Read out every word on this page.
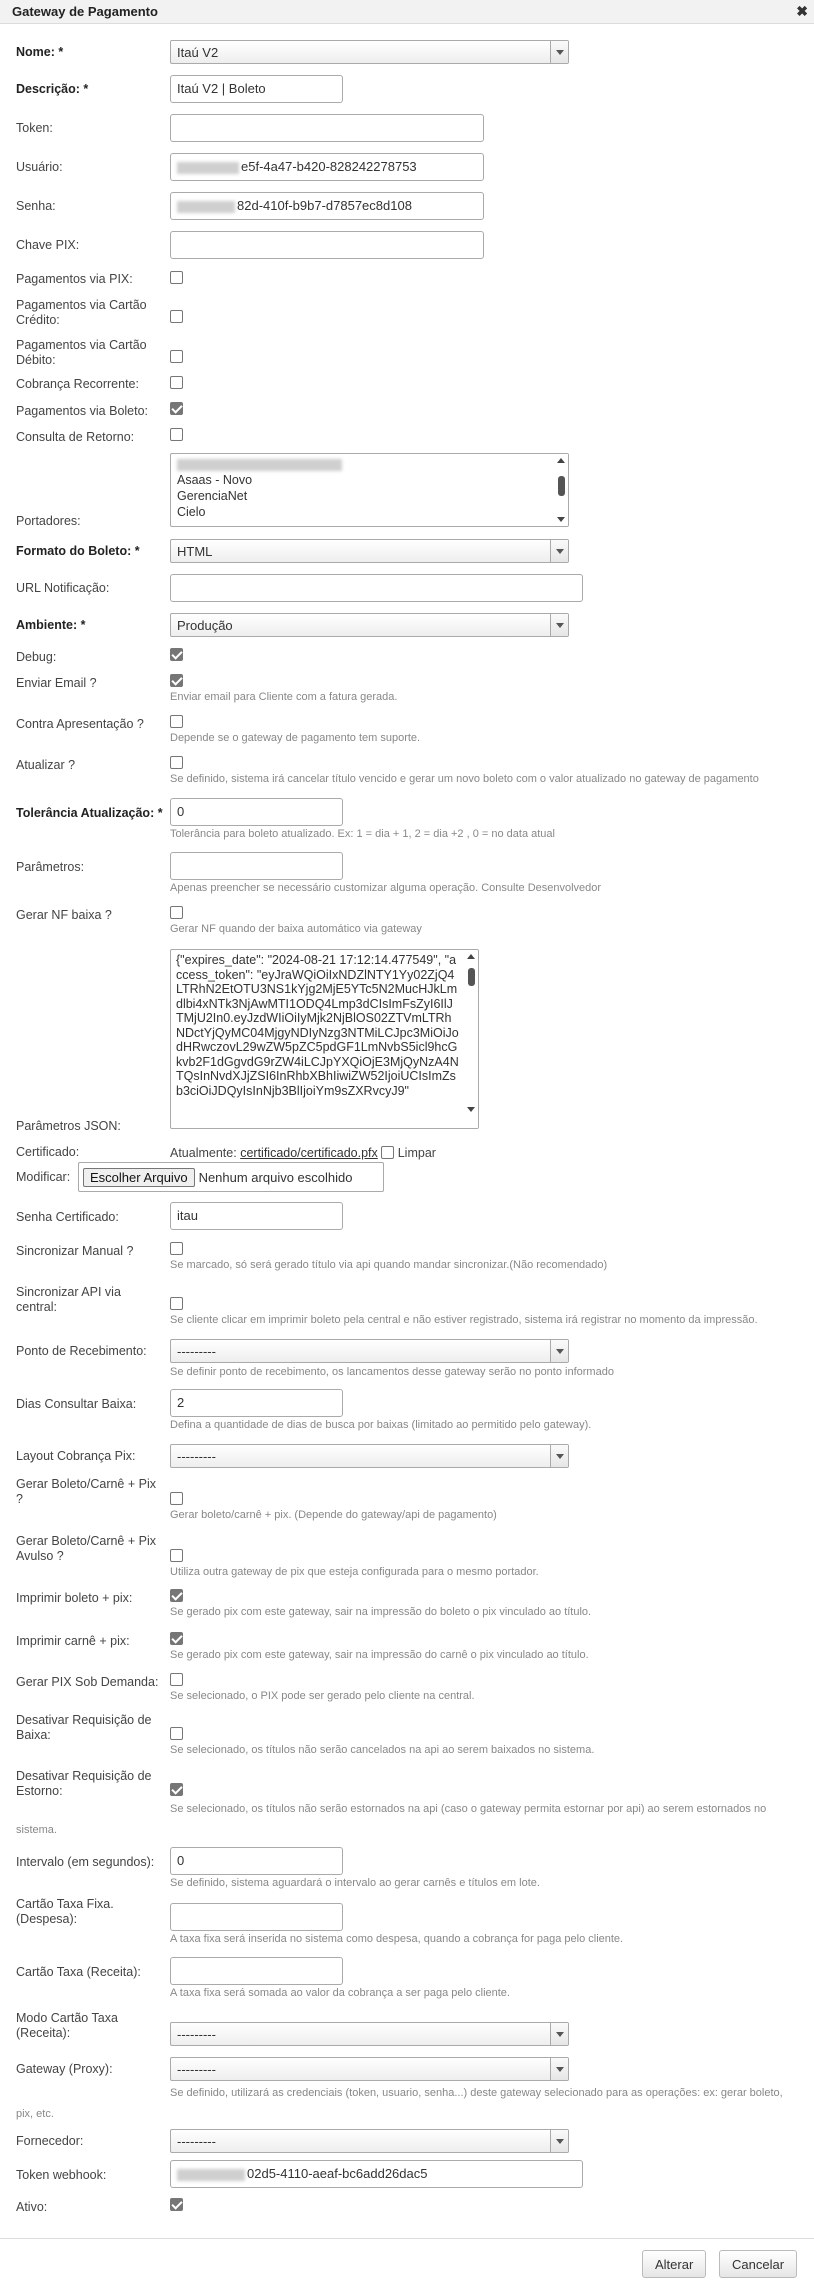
Gateway de Pagamento	✖
Nome: *	Itaú V2
Descrição: *	Itaú V2 | Boleto
Token:
Usuário:	e5f-4a47-b420-828242278753
Senha:	82d-410f-b9b7-d7857ec8d108
Chave PIX:
Pagamentos via PIX:
Pagamentos via Cartão Crédito:
Pagamentos via Cartão Débito:
Cobrança Recorrente:
Pagamentos via Boleto:
Consulta de Retorno:
Portadores:
Asaas - Novo
GerenciaNet
Cielo
Formato do Boleto: *	HTML
URL Notificação:
Ambiente: *	Produção
Debug:
Enviar Email ?
Enviar email para Cliente com a fatura gerada.
Contra Apresentação ?
Depende se o gateway de pagamento tem suporte.
Atualizar ?
Se definido, sistema irá cancelar título vencido e gerar um novo boleto com o valor atualizado no gateway de pagamento
Tolerância Atualização: *	0
Tolerância para boleto atualizado. Ex: 1 = dia + 1, 2 = dia +2 , 0 = no data atual
Parâmetros:
Apenas preencher se necessário customizar alguma operação. Consulte Desenvolvedor
Gerar NF baixa ?
Gerar NF quando der baixa automático via gateway
Parâmetros JSON:
{"expires_date": "2024-08-21 17:12:14.477549", "access_token": "eyJraWQiOiIxNDZlNTY1Yy02ZjQ4LTRhN2EtOTU3NS1kYjg2MjE5YTc5N2MucHJkLmdlbi4xNTk3NjAwMTI1ODQ4Lmp3dCIsImFsZyI6IlJTMjU2In0.eyJzdWIiOiIyMjk2NjBlOS02ZTVmLTRhNDctYjQyMC04MjgyNDIyNzg3NTMiLCJpc3MiOiJodHRwczovL29wZW5pZC5pdGF1LmNvbS5icl9hcGkvb2F1dGgvdG9rZW4iLCJpYXQiOjE3MjQyNzA4NTQsInNvdXJjZSI6InRhbXBhIiwiZW52IjoiUCIsImZsb3ciOiJDQyIsInNjb3BlIjoiYm9sZXRvcyJ9"
Certificado:	Atualmente: certificado/certificado.pfx Limpar
Modificar:	Escolher Arquivo Nenhum arquivo escolhido
Senha Certificado:	itau
Sincronizar Manual ?
Se marcado, só será gerado título via api quando mandar sincronizar.(Não recomendado)
Sincronizar API via central:
Se cliente clicar em imprimir boleto pela central e não estiver registrado, sistema irá registrar no momento da impressão.
Ponto de Recebimento:	---------
Se definir ponto de recebimento, os lancamentos desse gateway serão no ponto informado
Dias Consultar Baixa:	2
Defina a quantidade de dias de busca por baixas (limitado ao permitido pelo gateway).
Layout Cobrança Pix:	---------
Gerar Boleto/Carnê + Pix ?
Gerar boleto/carnê + pix. (Depende do gateway/api de pagamento)
Gerar Boleto/Carnê + Pix Avulso ?
Utiliza outra gateway de pix que esteja configurada para o mesmo portador.
Imprimir boleto + pix:
Se gerado pix com este gateway, sair na impressão do boleto o pix vinculado ao título.
Imprimir carnê + pix:
Se gerado pix com este gateway, sair na impressão do carnê o pix vinculado ao título.
Gerar PIX Sob Demanda:
Se selecionado, o PIX pode ser gerado pelo cliente na central.
Desativar Requisição de Baixa:
Se selecionado, os títulos não serão cancelados na api ao serem baixados no sistema.
Desativar Requisição de Estorno:
Se selecionado, os títulos não serão estornados na api (caso o gateway permita estornar por api) ao serem estornados no sistema.
Intervalo (em segundos):	0
Se definido, sistema aguardará o intervalo ao gerar carnês e títulos em lote.
Cartão Taxa Fixa. (Despesa):
A taxa fixa será inserida no sistema como despesa, quando a cobrança for paga pelo cliente.
Cartão Taxa (Receita):
A taxa fixa será somada ao valor da cobrança a ser paga pelo cliente.
Modo Cartão Taxa (Receita):	---------
Gateway (Proxy):	---------
Se definido, utilizará as credenciais (token, usuario, senha...) deste gateway selecionado para as operações: ex: gerar boleto, pix, etc.
Fornecedor:	---------
Token webhook:	02d5-4110-aeaf-bc6add26dac5
Ativo:
Alterar	Cancelar
